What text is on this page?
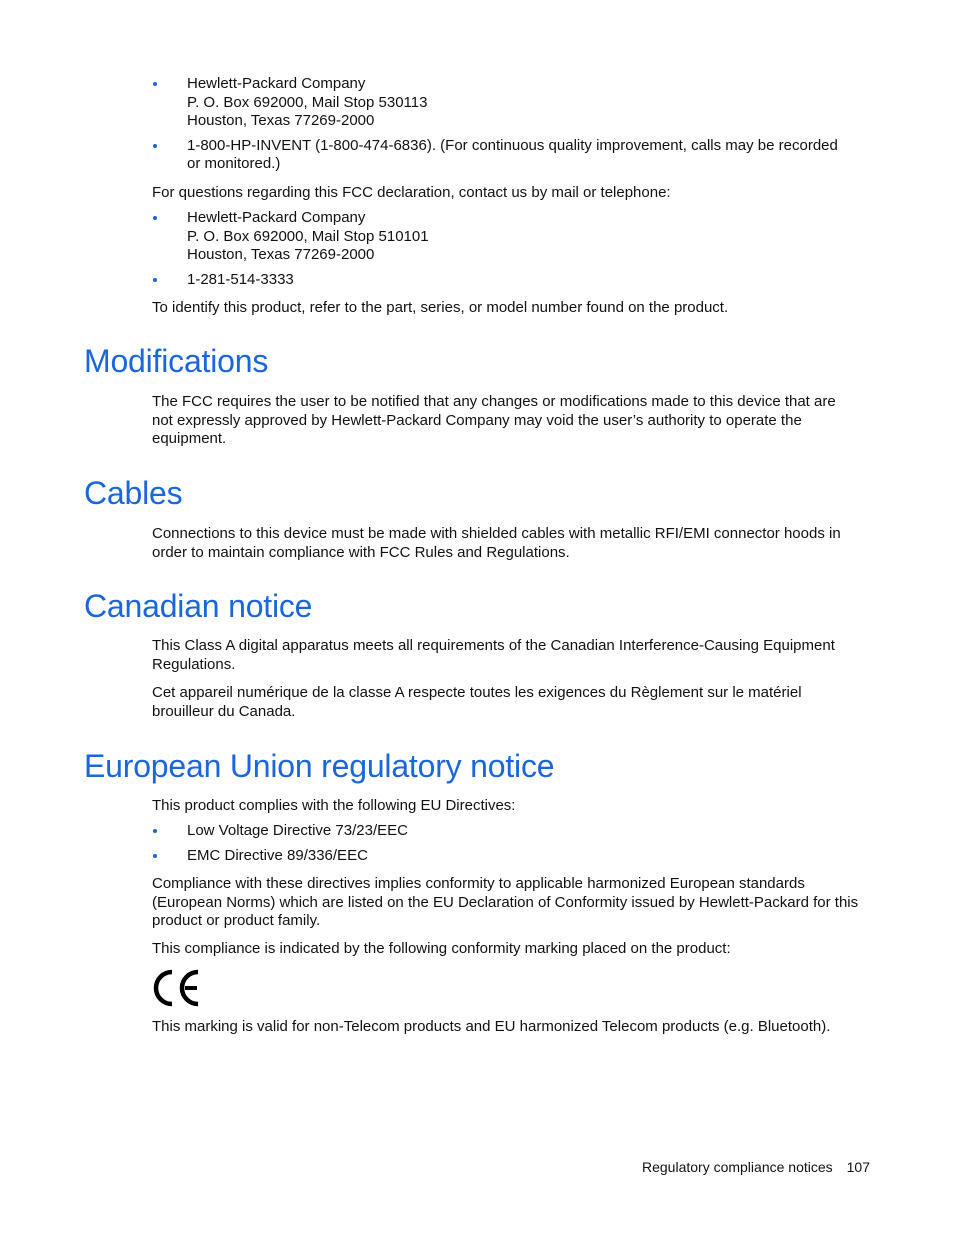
Hewlett-Packard Company
P. O. Box 692000, Mail Stop 530113
Houston, Texas 77269-2000
1-800-HP-INVENT (1-800-474-6836). (For continuous quality improvement, calls may be recorded
or monitored.)

For questions regarding this FCC declaration, contact us by mail or telephone:

Hewlett-Packard Company
P. O. Box 692000, Mail Stop 510101
Houston, Texas 77269-2000
1-281-514-3333

To identify this product, refer to the part, series, or model number found on the product.

Modifications

The FCC requires the user to be notified that any changes or modifications made to this device that are not expressly approved by Hewlett-Packard Company may void the user’s authority to operate the equipment.

Cables

Connections to this device must be made with shielded cables with metallic RFI/EMI connector hoods in order to maintain compliance with FCC Rules and Regulations.

Canadian notice

This Class A digital apparatus meets all requirements of the Canadian Interference-Causing Equipment Regulations.

Cet appareil numérique de la classe A respecte toutes les exigences du Règlement sur le matériel brouilleur du Canada.

European Union regulatory notice

This product complies with the following EU Directives:

Low Voltage Directive 73/23/EEC
EMC Directive 89/336/EEC

Compliance with these directives implies conformity to applicable harmonized European standards (European Norms) which are listed on the EU Declaration of Conformity issued by Hewlett-Packard for this product or product family.

This compliance is indicated by the following conformity marking placed on the product:

This marking is valid for non-Telecom products and EU harmonized Telecom products (e.g. Bluetooth).

Regulatory compliance notices 107
